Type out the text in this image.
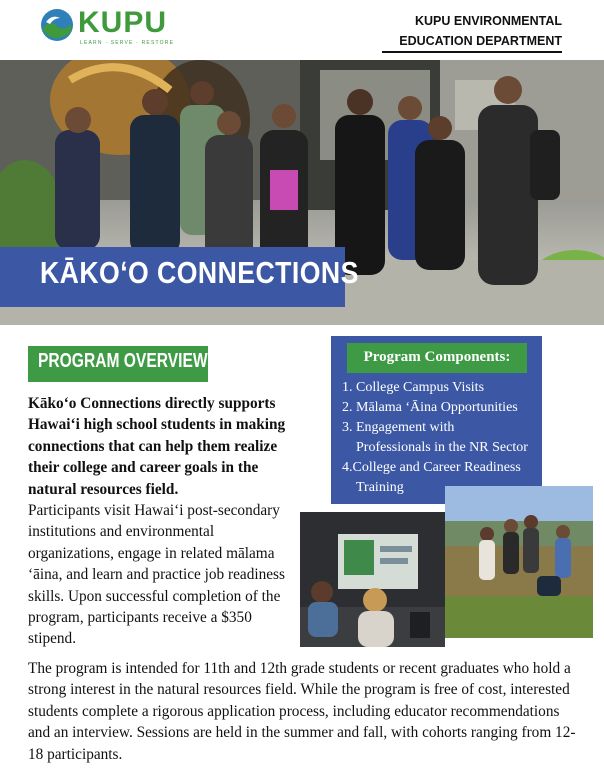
KUPU
LEARN · SERVE · RESTORE
KUPU ENVIRONMENTAL
EDUCATION DEPARTMENT
KĀKOʻO CONNECTIONS
PROGRAM OVERVIEW

Kākoʻo Connections directly supports Hawaiʻi high school students in making connections that can help them realize their college and career goals in the natural resources field.

Participants visit Hawaiʻi post-secondary institutions and environmental organizations, engage in related mālama ʻāina, and learn and practice job readiness skills. Upon successful completion of the program, participants receive a $350 stipend.

Program Components:
1. College Campus Visits
2. Mālama ʻĀina Opportunities
3. Engagement with
Professionals in the NR Sector
4.College and Career Readiness
Training

The program is intended for 11th and 12th grade students or recent graduates who hold a strong interest in the natural resources field. While the program is free of cost, interested students complete a rigorous application process, including educator recommendations and an interview. Sessions are held in the summer and fall, with cohorts ranging from 12-18 participants.
